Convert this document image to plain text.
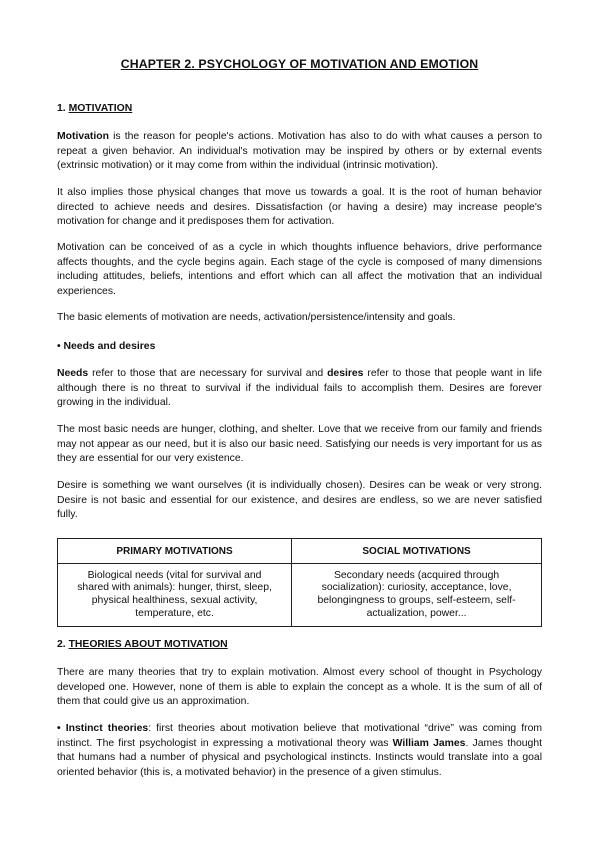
CHAPTER 2. PSYCHOLOGY OF MOTIVATION AND EMOTION
1. MOTIVATION

Motivation is the reason for people's actions. Motivation has also to do with what causes a person to repeat a given behavior. An individual's motivation may be inspired by others or by external events (extrinsic motivation) or it may come from within the individual (intrinsic motivation).

It also implies those physical changes that move us towards a goal. It is the root of human behavior directed to achieve needs and desires. Dissatisfaction (or having a desire) may increase people's motivation for change and it predisposes them for activation.

Motivation can be conceived of as a cycle in which thoughts influence behaviors, drive performance affects thoughts, and the cycle begins again. Each stage of the cycle is composed of many dimensions including attitudes, beliefs, intentions and effort which can all affect the motivation that an individual experiences.

The basic elements of motivation are needs, activation/persistence/intensity and goals.

• Needs and desires

Needs refer to those that are necessary for survival and desires refer to those that people want in life although there is no threat to survival if the individual fails to accomplish them. Desires are forever growing in the individual.

The most basic needs are hunger, clothing, and shelter. Love that we receive from our family and friends may not appear as our need, but it is also our basic need. Satisfying our needs is very important for us as they are essential for our very existence.

Desire is something we want ourselves (it is individually chosen). Desires can be weak or very strong. Desire is not basic and essential for our existence, and desires are endless, so we are never satisfied fully.

PRIMARY MOTIVATIONS	SOCIAL MOTIVATIONS
Biological needs (vital for survival and shared with animals): hunger, thirst, sleep, physical healthiness, sexual activity, temperature, etc.	Secondary needs (acquired through socialization): curiosity, acceptance, love, belongingness to groups, self-esteem, self-actualization, power...
2. THEORIES ABOUT MOTIVATION

There are many theories that try to explain motivation. Almost every school of thought in Psychology developed one. However, none of them is able to explain the concept as a whole. It is the sum of all of them that could give us an approximation.

• Instinct theories: first theories about motivation believe that motivational “drive” was coming from instinct. The first psychologist in expressing a motivational theory was William James. James thought that humans had a number of physical and psychological instincts. Instincts would translate into a goal oriented behavior (this is, a motivated behavior) in the presence of a given stimulus.
